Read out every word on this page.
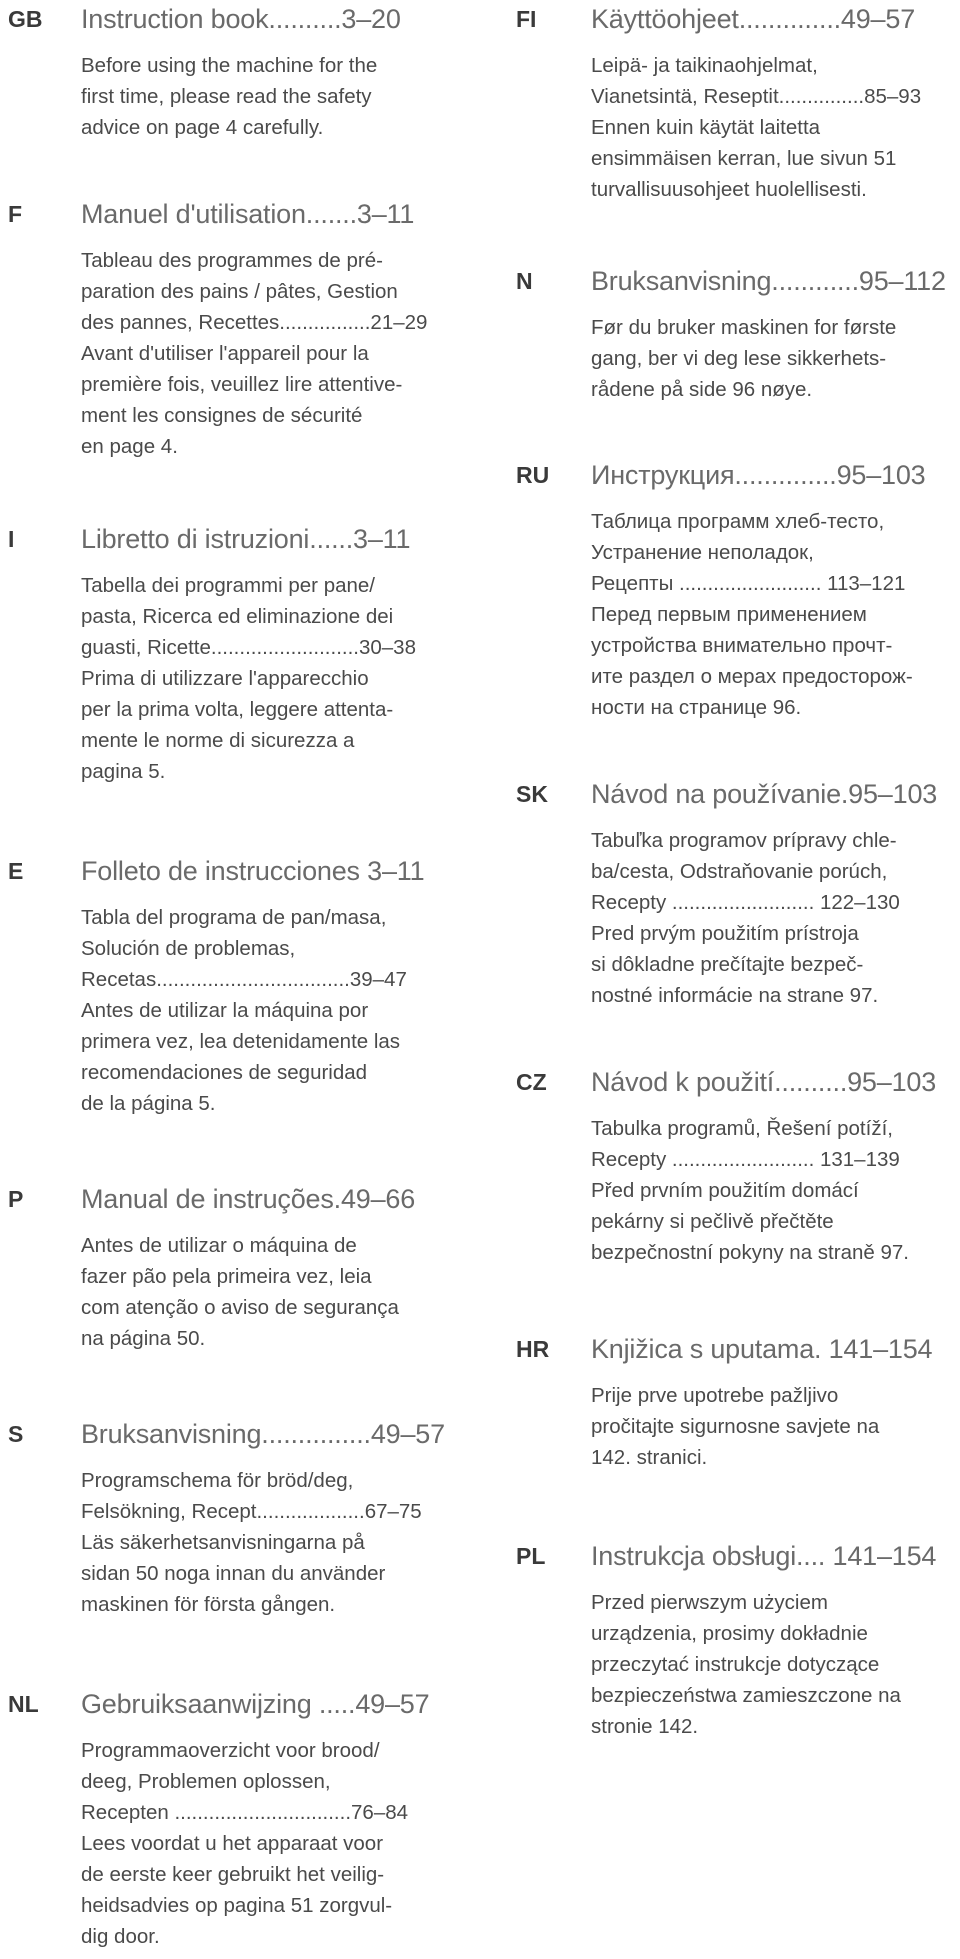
GB Instruction book..........3–20
Before using the machine for the
first time, please read the safety
advice on page 4 carefully.
F Manuel d'utilisation.......3–11
Tableau des programmes de pré-
paration des pains / pâtes, Gestion
des pannes, Recettes................21–29
Avant d'utiliser l'appareil pour la
première fois, veuillez lire attentive-
ment les consignes de sécurité
en page 4.
I Libretto di istruzioni......3–11
Tabella dei programmi per pane/
pasta, Ricerca ed eliminazione dei
guasti, Ricette..........................30–38
Prima di utilizzare l'apparecchio
per la prima volta, leggere attenta-
mente le norme di sicurezza a
pagina 5.
E Folleto de instrucciones 3–11
Tabla del programa de pan/masa,
Solución de problemas,
Recetas..................................39–47
Antes de utilizar la máquina por
primera vez, lea detenidamente las
recomendaciones de seguridad
de la página 5.
P Manual de instruções.49–66
Antes de utilizar o máquina de
fazer pão pela primeira vez, leia
com atenção o aviso de segurança
na página 50.
S Bruksanvisning...............49–57
Programschema för bröd/deg,
Felsökning, Recept...................67–75
Läs säkerhetsanvisningarna på
sidan 50 noga innan du använder
maskinen för första gången.
NL Gebruiksaanwijzing .....49–57
Programmaoverzicht voor brood/
deeg, Problemen oplossen,
Recepten ...............................76–84
Lees voordat u het apparaat voor
de eerste keer gebruikt het veilig-
heidsadvies op pagina 51 zorgvul-
dig door.
FI Käyttöohjeet..............49–57
Leipä- ja taikinaohjelmat,
Vianetsintä, Reseptit...............85–93
Ennen kuin käytät laitetta
ensimmäisen kerran, lue sivun 51
turvallisuusohjeet huolellisesti.
N Bruksanvisning............95–112
Før du bruker maskinen for første
gang, ber vi deg lese sikkerhets-
rådene på side 96 nøye.
RU Инструкция..............95–103
Таблица программ хлеб-тесто,
Устранение неполадок,
Рецепты ......................... 113–121
Перед первым применением
устройства внимательно прочт-
ите раздел о мерах предосторож-
ности на странице 96.
SK Návod na používanie.95–103
Tabuľka programov prípravy chle-
ba/cesta, Odstraňovanie porúch,
Recepty ......................... 122–130
Pred prvým použitím prístroja
si dôkladne prečítajte bezpeč-
nostné informácie na strane 97.
CZ Návod k použití..........95–103
Tabulka programů, Řešení potíží,
Recepty ......................... 131–139
Před prvním použitím domácí
pekárny si pečlivě přečtěte
bezpečnostní pokyny na straně 97.
HR Knjižica s uputama. 141–154
Prije prve upotrebe pažljivo
pročitajte sigurnosne savjete na
142. stranici.
PL Instrukcja obsługi.... 141–154
Przed pierwszym użyciem
urządzenia, prosimy dokładnie
przeczytać instrukcje dotyczące
bezpieczeństwa zamieszczone na
stronie 142.
